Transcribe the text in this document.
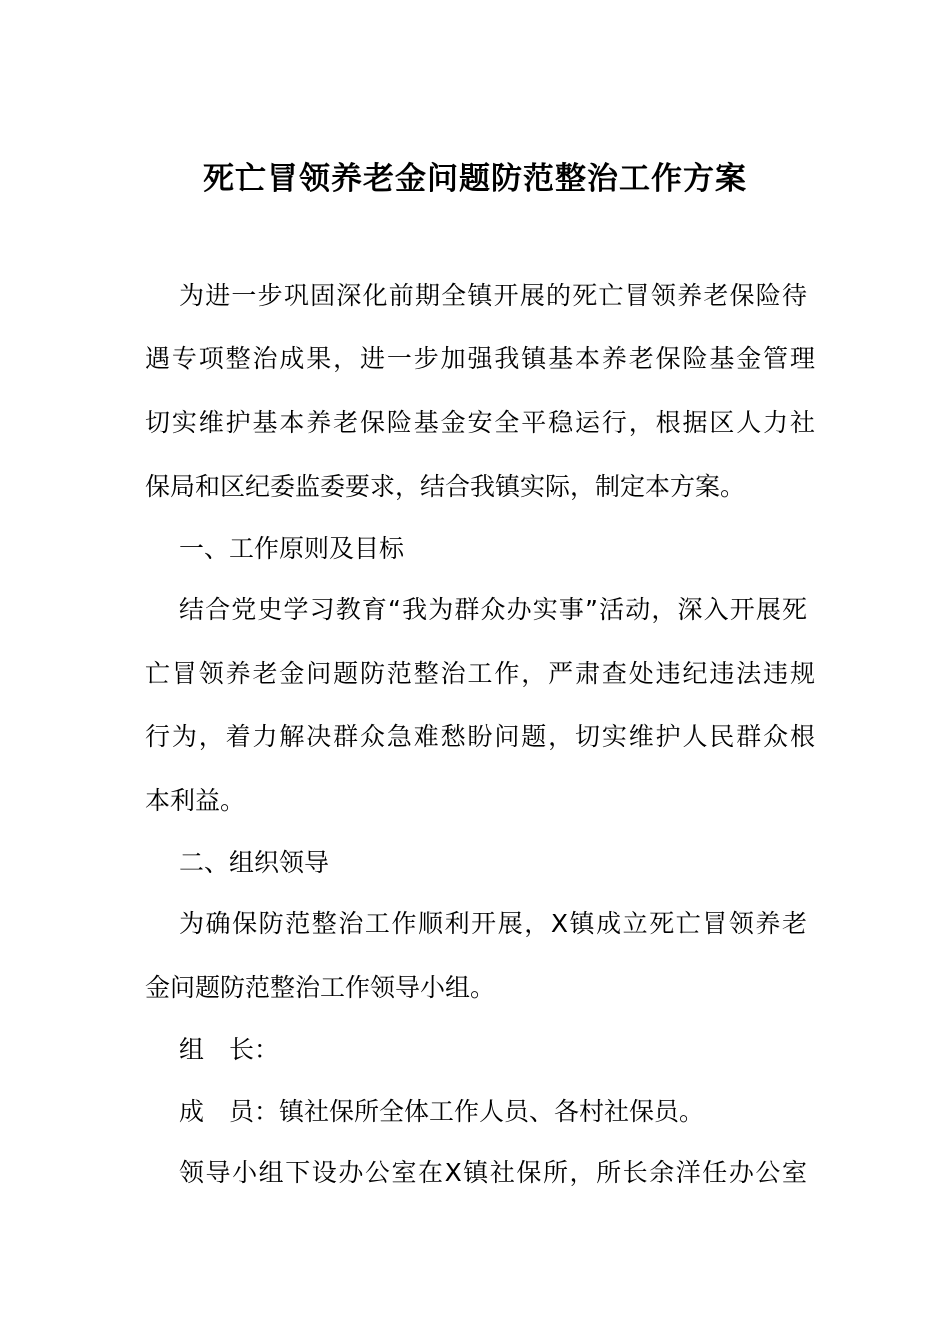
死亡冒领养老金问题防范整治工作方案
为进一步巩固深化前期全镇开展的死亡冒领养老保险待
遇专项整治成果，进一步加强我镇基本养老保险基金管理
切实维护基本养老保险基金安全平稳运行，根据区人力社
保局和区纪委监委要求，结合我镇实际，制定本方案。
一、工作原则及目标
结合党史学习教育“我为群众办实事”活动，深入开展死
亡冒领养老金问题防范整治工作，严肃查处违纪违法违规
行为，着力解决群众急难愁盼问题，切实维护人民群众根
本利益。
二、组织领导
为确保防范整治工作顺利开展，X镇成立死亡冒领养老
金问题防范整治工作领导小组。
组　长：
成　员：镇社保所全体工作人员、各村社保员。
领导小组下设办公室在X镇社保所，所长余洋任办公室
